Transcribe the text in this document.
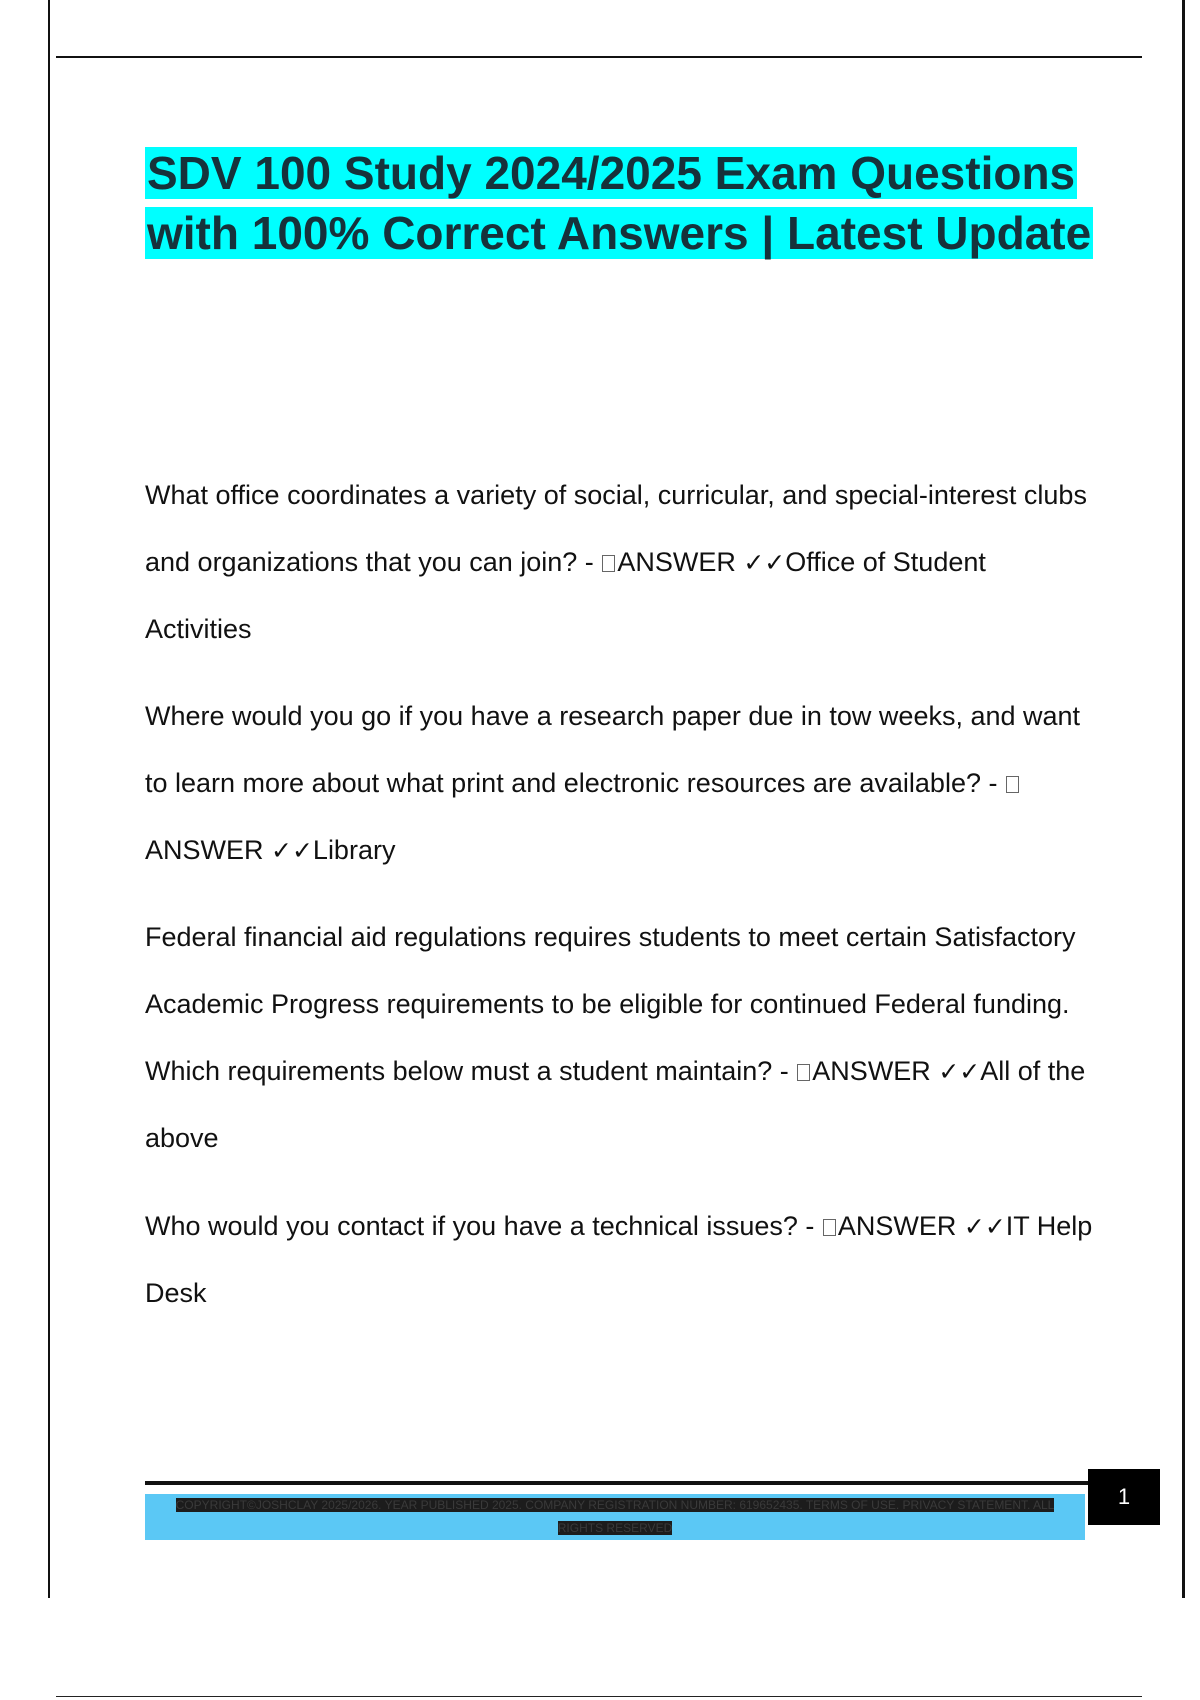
SDV 100 Study 2024/2025 Exam Questions with 100% Correct Answers | Latest Update

What office coordinates a variety of social, curricular, and special-interest clubs and organizations that you can join? - ANSWER ✓✓Office of Student Activities

Where would you go if you have a research paper due in tow weeks, and want to learn more about what print and electronic resources are available? - ANSWER ✓✓Library

Federal financial aid regulations requires students to meet certain Satisfactory Academic Progress requirements to be eligible for continued Federal funding. Which requirements below must a student maintain? - ANSWER ✓✓All of the above

Who would you contact if you have a technical issues? - ANSWER ✓✓IT Help Desk

COPYRIGHT©JOSHCLAY 2025/2026. YEAR PUBLISHED 2025. COMPANY REGISTRATION NUMBER: 619652435. TERMS OF USE. PRIVACY STATEMENT. ALL RIGHTS RESERVED
1
